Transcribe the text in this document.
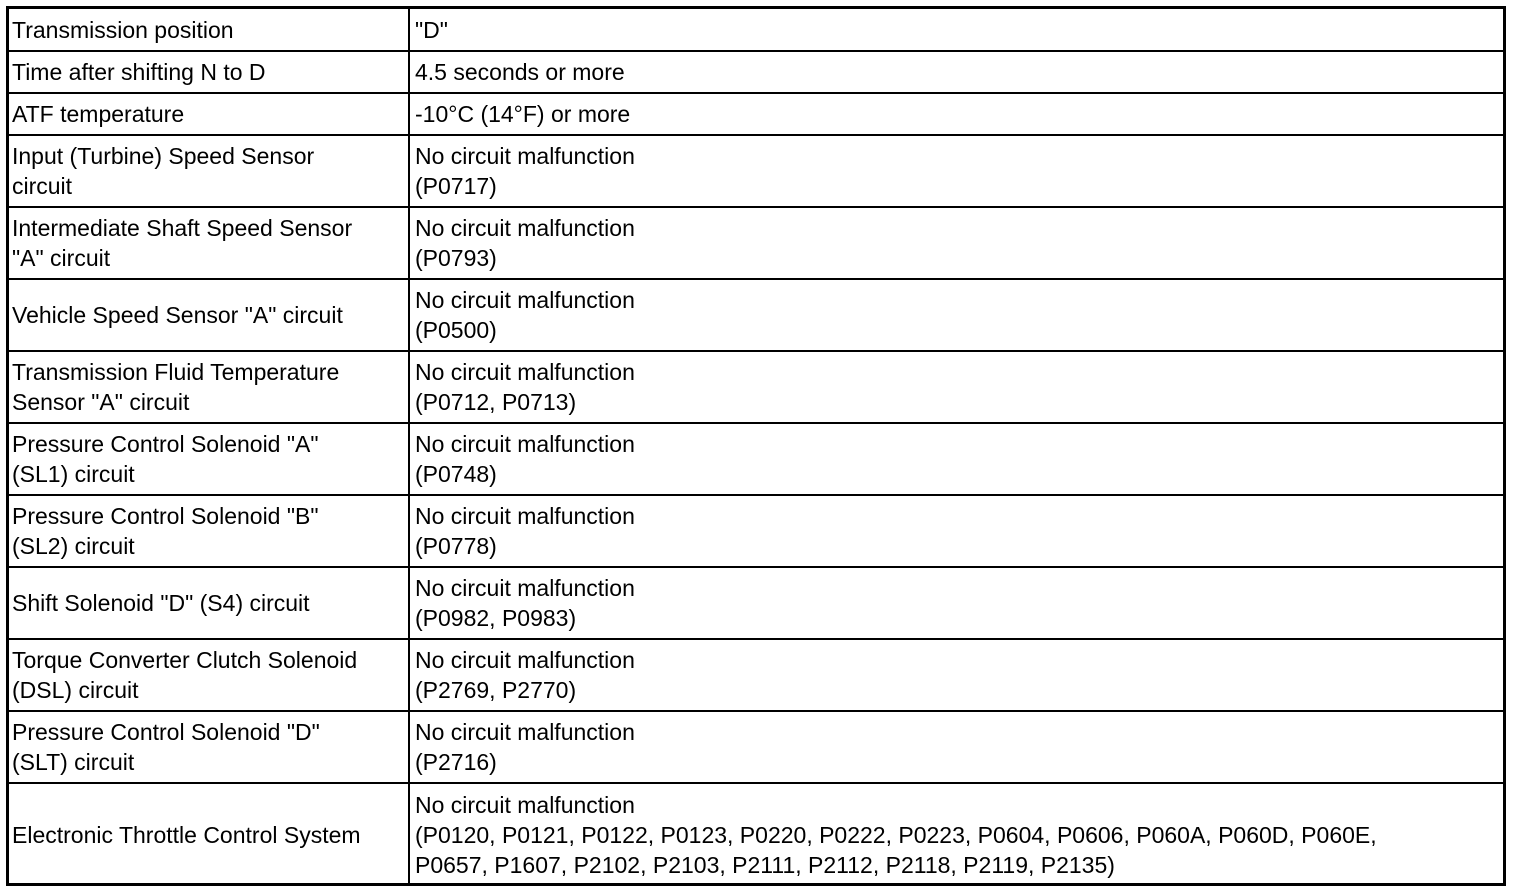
Transmission position	"D"

Time after shifting N to D	4.5 seconds or more

ATF temperature	-10°C (14°F) or more

Input (Turbine) Speed Sensor
circuit	No circuit malfunction
(P0717)

Intermediate Shaft Speed Sensor
"A" circuit	No circuit malfunction
(P0793)

Vehicle Speed Sensor "A" circuit	No circuit malfunction
(P0500)

Transmission Fluid Temperature
Sensor "A" circuit	No circuit malfunction
(P0712, P0713)

Pressure Control Solenoid "A"
(SL1) circuit	No circuit malfunction
(P0748)

Pressure Control Solenoid "B"
(SL2) circuit	No circuit malfunction
(P0778)

Shift Solenoid "D" (S4) circuit	No circuit malfunction
(P0982, P0983)

Torque Converter Clutch Solenoid
(DSL) circuit	No circuit malfunction
(P2769, P2770)

Pressure Control Solenoid "D"
(SLT) circuit	No circuit malfunction
(P2716)

Electronic Throttle Control System	No circuit malfunction
(P0120, P0121, P0122, P0123, P0220, P0222, P0223, P0604, P0606, P060A, P060D, P060E,
P0657, P1607, P2102, P2103, P2111, P2112, P2118, P2119, P2135)
